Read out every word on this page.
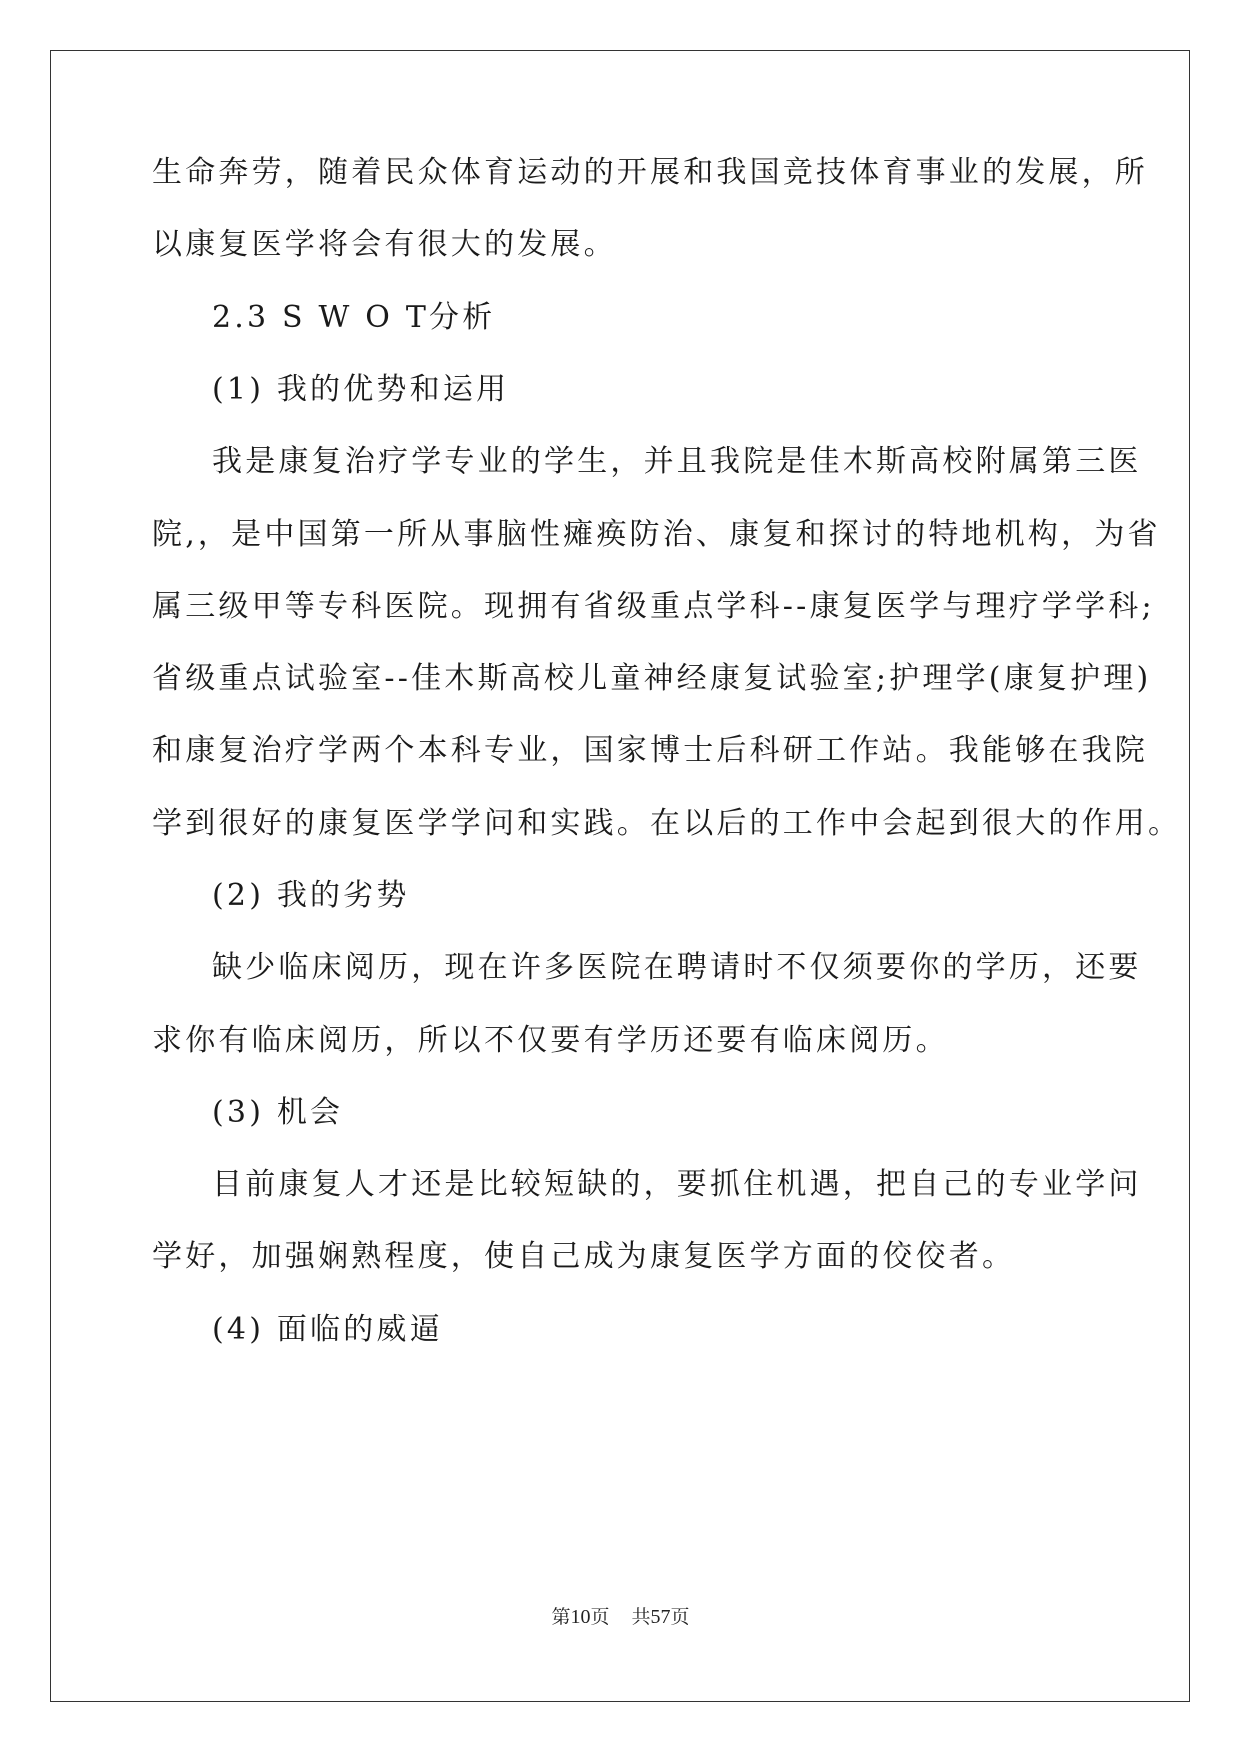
生命奔劳，随着民众体育运动的开展和我国竞技体育事业的发展，所
以康复医学将会有很大的发展。
2.3 S W O T分析
(1) 我的优势和运用
我是康复治疗学专业的学生，并且我院是佳木斯高校附属第三医
院,，是中国第一所从事脑性瘫痪防治、康复和探讨的特地机构，为省
属三级甲等专科医院。现拥有省级重点学科--康复医学与理疗学学科;
省级重点试验室--佳木斯高校儿童神经康复试验室;护理学(康复护理)
和康复治疗学两个本科专业，国家博士后科研工作站。我能够在我院
学到很好的康复医学学问和实践。在以后的工作中会起到很大的作用。
(2) 我的劣势
缺少临床阅历，现在许多医院在聘请时不仅须要你的学历，还要
求你有临床阅历，所以不仅要有学历还要有临床阅历。
(3) 机会
目前康复人才还是比较短缺的，要抓住机遇，把自己的专业学问
学好，加强娴熟程度，使自己成为康复医学方面的佼佼者。
(4) 面临的威逼
第10页 共57页
